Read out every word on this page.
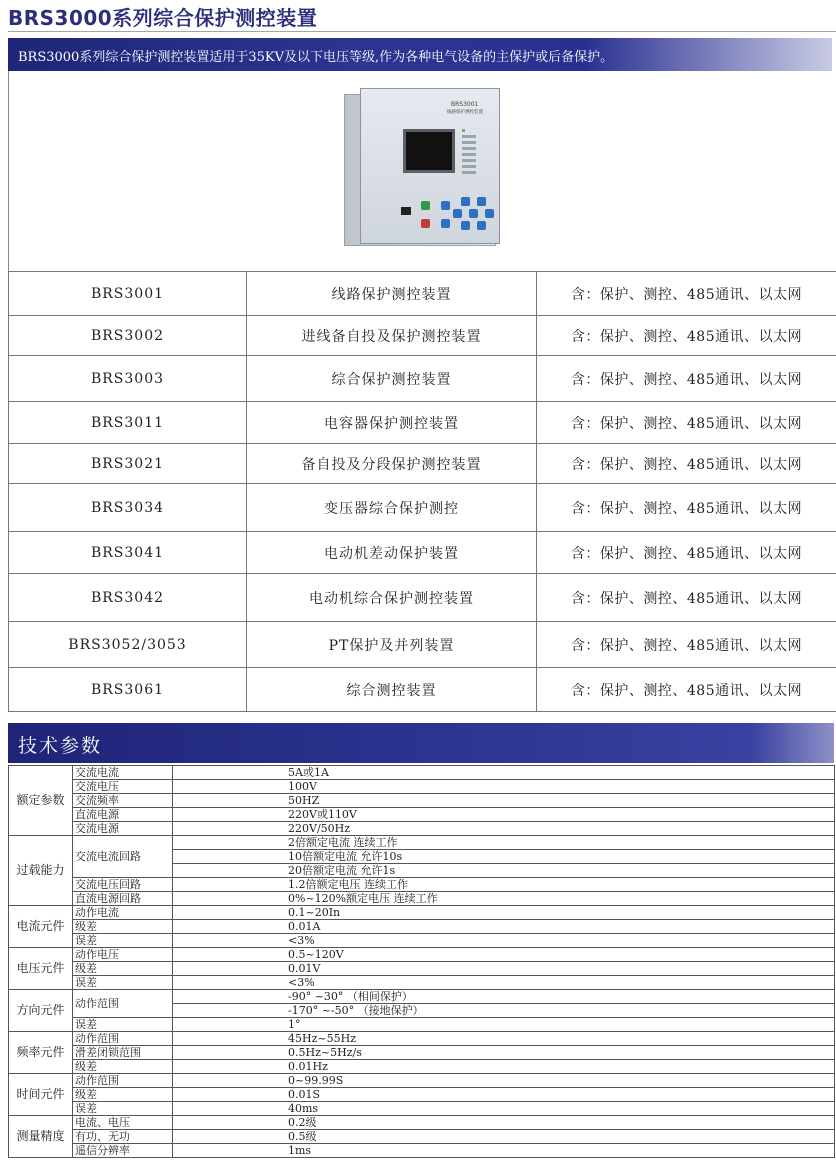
BRS3000系列综合保护测控装置
BRS3000系列综合保护测控装置适用于35KV及以下电压等级,作为各种电气设备的主保护或后备保护。
BRS3001
线路保护测控装置
BRS3001	线路保护测控装置	含：保护、测控、485通讯、以太网
BRS3002	进线备自投及保护测控装置	含：保护、测控、485通讯、以太网
BRS3003	综合保护测控装置	含：保护、测控、485通讯、以太网
BRS3011	电容器保护测控装置	含：保护、测控、485通讯、以太网
BRS3021	备自投及分段保护测控装置	含：保护、测控、485通讯、以太网
BRS3034	变压器综合保护测控	含：保护、测控、485通讯、以太网
BRS3041	电动机差动保护装置	含：保护、测控、485通讯、以太网
BRS3042	电动机综合保护测控装置	含：保护、测控、485通讯、以太网
BRS3052/3053	PT保护及并列装置	含：保护、测控、485通讯、以太网
BRS3061	综合测控装置	含：保护、测控、485通讯、以太网
技术参数
额定参数	交流电流	5A或1A
	交流电压	100V
	交流频率	50HZ
	直流电源	220V或110V
	交流电源	220V/50Hz
过载能力	交流电流回路	2倍额定电流 连续工作
		10倍额定电流 允许10s
		20倍额定电流 允许1s
	交流电压回路	1.2倍额定电压 连续工作
	直流电源回路	0%~120%额定电压 连续工作
电流元件	动作电流	0.1~20In
	级差	0.01A
	误差	<3%
电压元件	动作电压	0.5~120V
	级差	0.01V
	误差	<3%
方向元件	动作范围	-90° ~30° （相间保护）
		-170° ~-50° （接地保护）
	误差	1°
频率元件	动作范围	45Hz~55Hz
	滑差闭锁范围	0.5Hz~5Hz/s
	级差	0.01Hz
时间元件	动作范围	0~99.99S
	级差	0.01S
	误差	40ms
测量精度	电流、电压	0.2级
	有功、无功	0.5级
	遥信分辨率	1ms
